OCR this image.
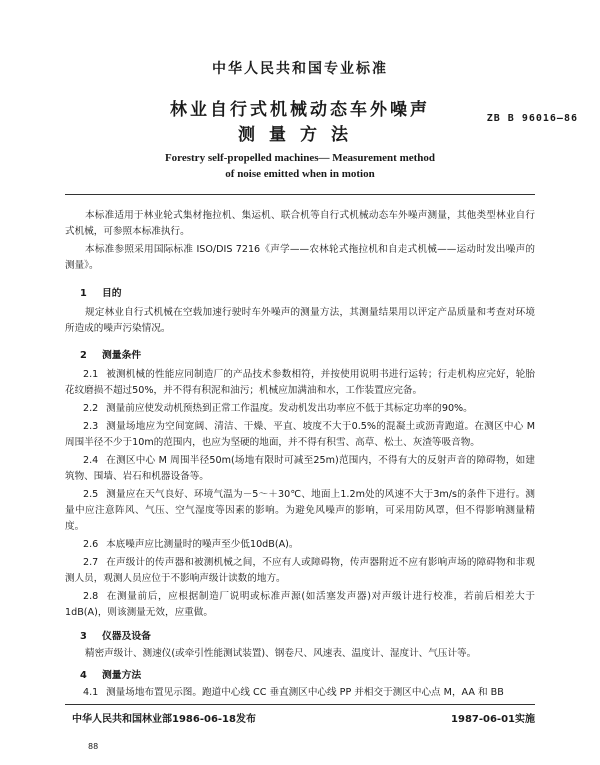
中华人民共和国专业标准
林业自行式机械动态车外噪声
测量方法
ZB B 96016—86
Forestry self-propelled machines— Measurement method
of noise emitted when in motion
本标准适用于林业轮式集材拖拉机、集运机、联合机等自行式机械动态车外噪声测量，其他类型林业自行式机械，可参照本标准执行。
本标准参照采用国际标准 ISO/DIS 7216《声学——农林轮式拖拉机和自走式机械——运动时发出噪声的测量》。
1 目的
规定林业自行式机械在空载加速行驶时车外噪声的测量方法，其测量结果用以评定产品质量和考查对环境所造成的噪声污染情况。
2 测量条件
2.1 被测机械的性能应同制造厂的产品技术参数相符，并按使用说明书进行运转；行走机构应完好，轮胎花纹磨损不超过50%，并不得有积泥和油污；机械应加满油和水，工作装置应完备。
2.2 测量前应使发动机预热到正常工作温度。发动机发出功率应不低于其标定功率的90%。
2.3 测量场地应为空间宽阔、清洁、干燥、平直、坡度不大于0.5%的混凝土或沥青跑道。在测区中心 M 周围半径不少于10m的范围内，也应为坚硬的地面，并不得有积雪、高草、松土、灰渣等吸音物。
2.4 在测区中心 M 周围半径50m(场地有限时可减至25m)范围内，不得有大的反射声音的障碍物，如建筑物、围墙、岩石和机器设备等。
2.5 测量应在天气良好、环境气温为－5～＋30℃、地面上1.2m处的风速不大于3m/s的条件下进行。测量中应注意阵风、气压、空气湿度等因素的影响。为避免风噪声的影响，可采用防风罩，但不得影响测量精度。
2.6 本底噪声应比测量时的噪声至少低10dB(A)。
2.7 在声级计的传声器和被测机械之间，不应有人或障碍物，传声器附近不应有影响声场的障碍物和非观测人员，观测人员应位于不影响声级计读数的地方。
2.8 在测量前后，应根据制造厂说明或标准声源(如活塞发声器)对声级计进行校准，若前后相差大于1dB(A)，则该测量无效，应重做。
3 仪器及设备
精密声级计、测速仪(或牵引性能测试装置)、钢卷尺、风速表、温度计、湿度计、气压计等。
4 测量方法
4.1 测量场地布置见示图。跑道中心线 CC 垂直测区中心线 PP 并相交于测区中心点 M，AA 和 BB
中华人民共和国林业部1986-06-18发布	1987-06-01实施
88
